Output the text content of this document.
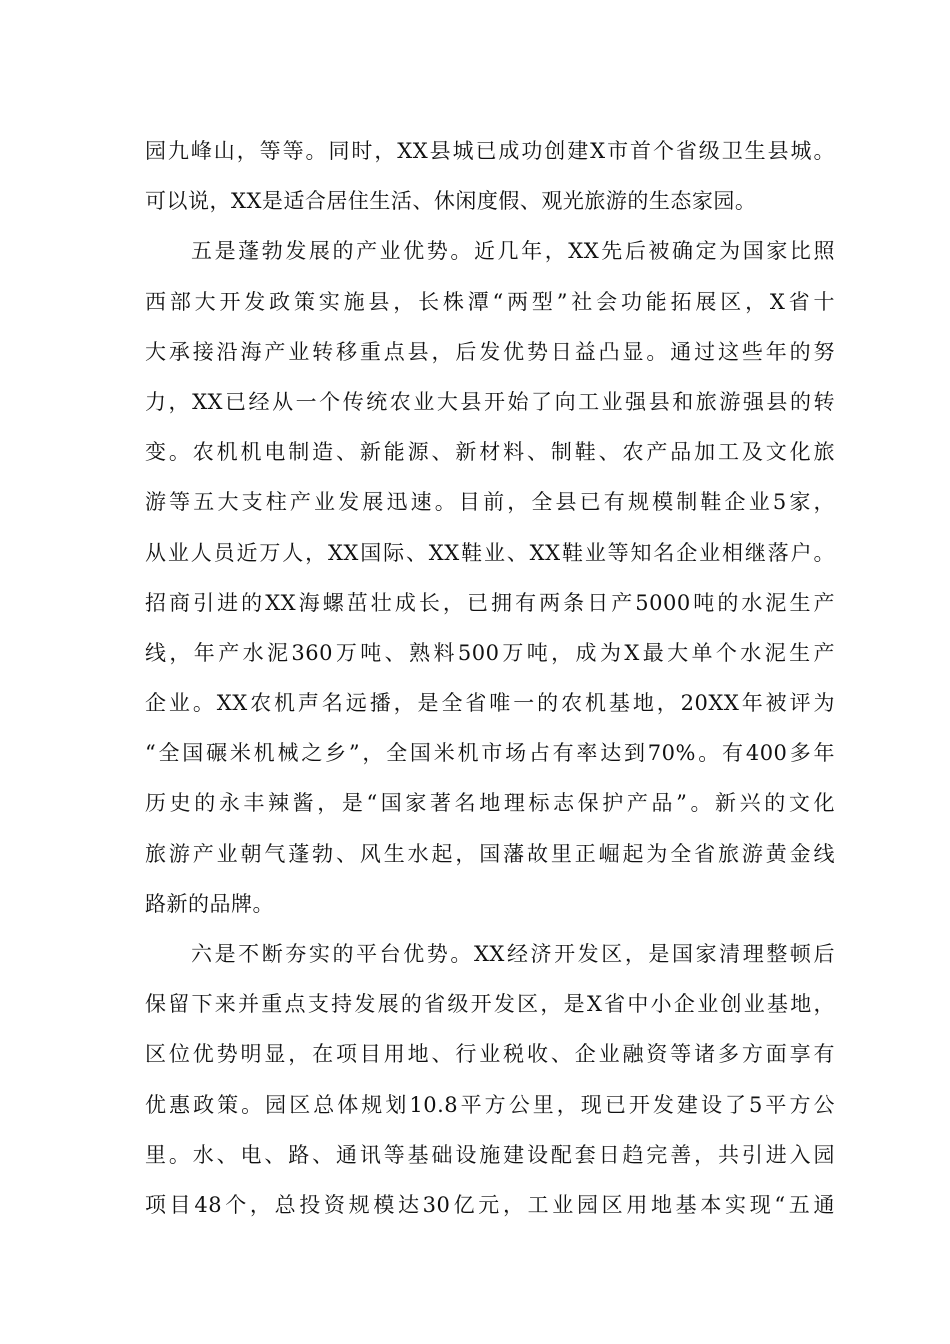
园九峰山，等等。同时，XX县城已成功创建X市首个省级卫生县城。
可以说，XX是适合居住生活、休闲度假、观光旅游的生态家园。
五是蓬勃发展的产业优势。近几年，XX先后被确定为国家比照
西部大开发政策实施县，长株潭“两型”社会功能拓展区，X省十
大承接沿海产业转移重点县，后发优势日益凸显。通过这些年的努
力，XX已经从一个传统农业大县开始了向工业强县和旅游强县的转
变。农机机电制造、新能源、新材料、制鞋、农产品加工及文化旅
游等五大支柱产业发展迅速。目前，全县已有规模制鞋企业5家，
从业人员近万人，XX国际、XX鞋业、XX鞋业等知名企业相继落户。
招商引进的XX海螺茁壮成长，已拥有两条日产5000吨的水泥生产
线，年产水泥360万吨、熟料500万吨，成为X最大单个水泥生产
企业。XX农机声名远播，是全省唯一的农机基地，20XX年被评为
“全国碾米机械之乡”，全国米机市场占有率达到70%。有400多年
历史的永丰辣酱，是“国家著名地理标志保护产品”。新兴的文化
旅游产业朝气蓬勃、风生水起，国藩故里正崛起为全省旅游黄金线
路新的品牌。
六是不断夯实的平台优势。XX经济开发区，是国家清理整顿后
保留下来并重点支持发展的省级开发区，是X省中小企业创业基地，
区位优势明显，在项目用地、行业税收、企业融资等诸多方面享有
优惠政策。园区总体规划10.8平方公里，现已开发建设了5平方公
里。水、电、路、通讯等基础设施建设配套日趋完善，共引进入园
项目48个，总投资规模达30亿元，工业园区用地基本实现“五通
